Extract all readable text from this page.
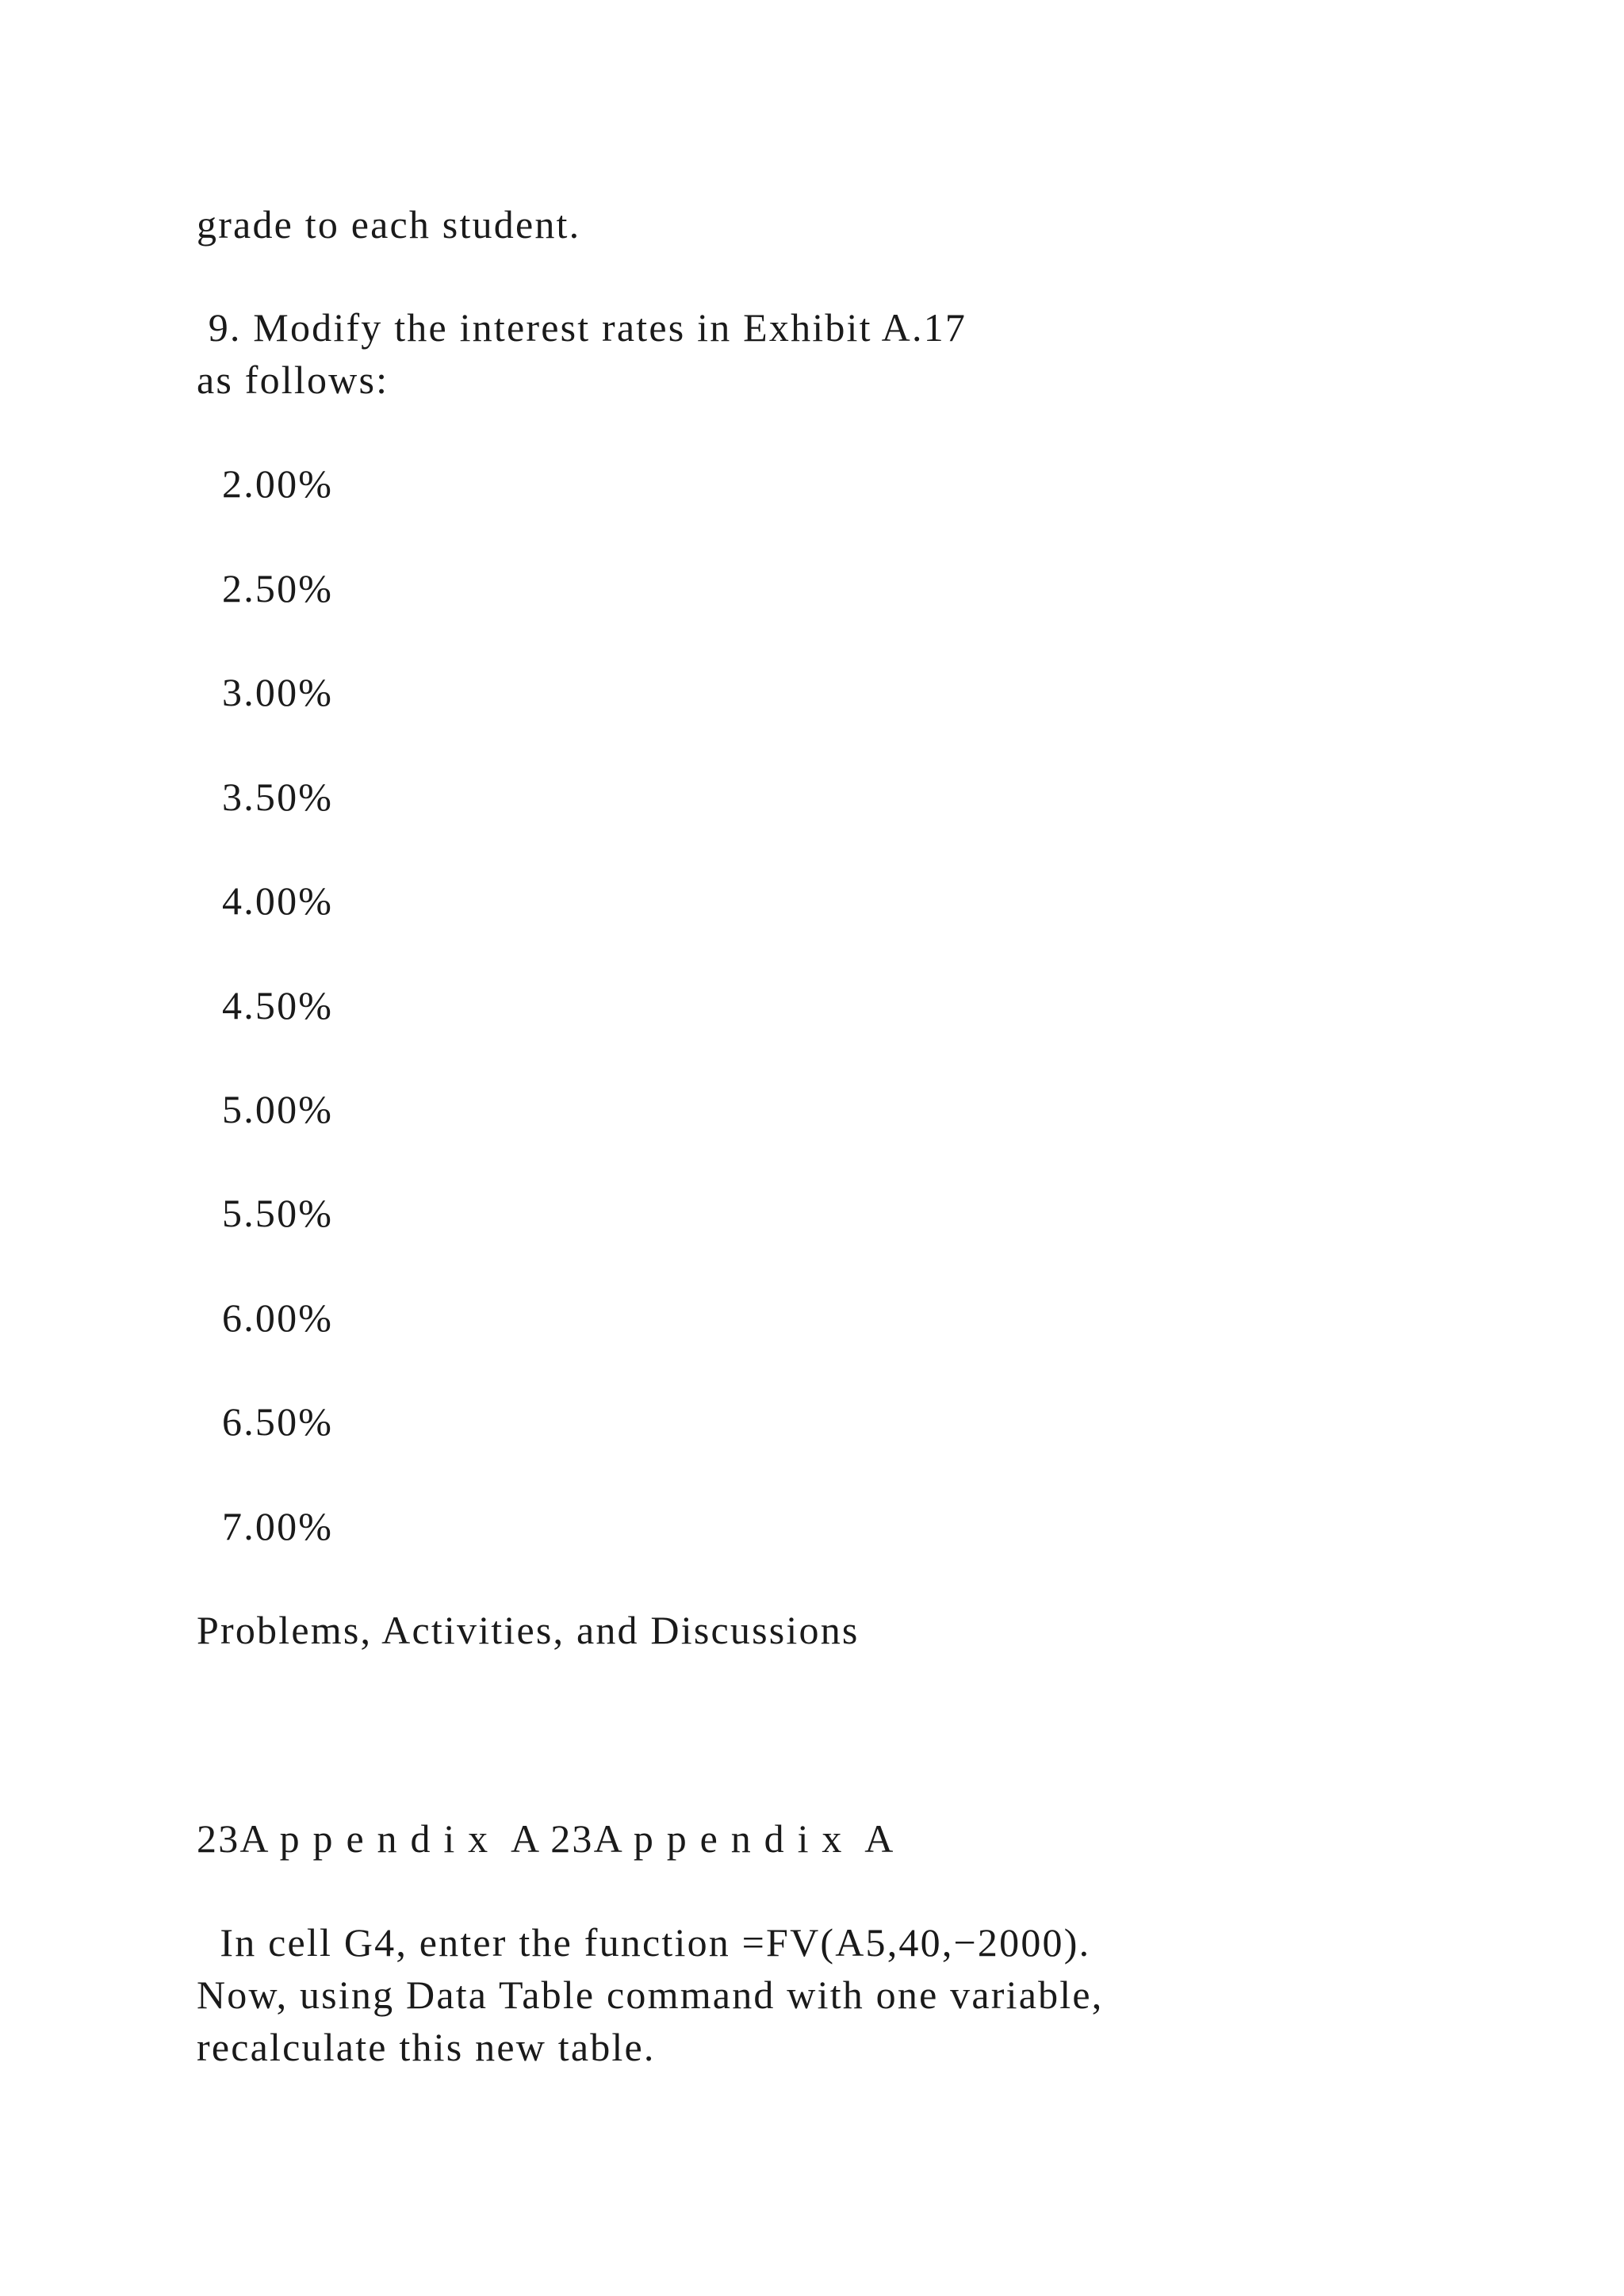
grade to each student.
9. Modify the interest rates in Exhibit A.17
as follows:
2.00%
2.50%
3.00%
3.50%
4.00%
4.50%
5.00%
5.50%
6.00%
6.50%
7.00%
Problems, Activities, and Discussions
23A p p e n d i x  A 23A p p e n d i x  A
In cell G4, enter the function =FV(A5,40,−2000).
Now, using Data Table command with one variable,
recalculate this new table.
